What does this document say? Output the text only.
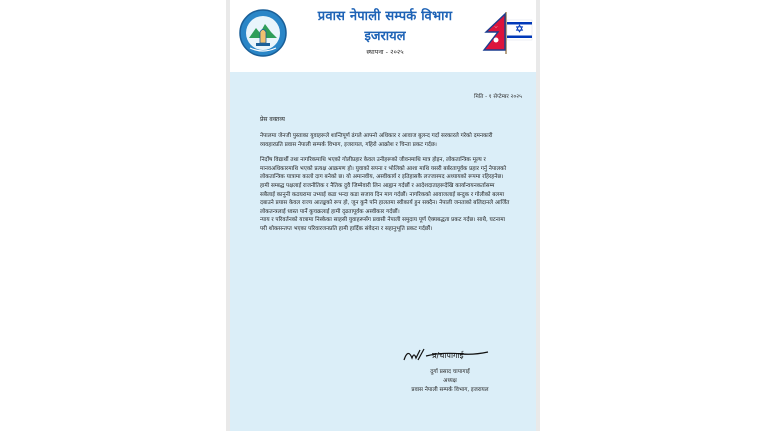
प्रवास नेपाली सम्पर्क विभाग
इजरायल
स्थापना - २०२५
मिति - १ सेप्टेम्बर २०२५
प्रेस वक्तव्य

नेपालमा जेनजी पुस्ताका युवाहरूले शान्तिपूर्ण ढंगले आफ्नो अधिकार र आवाज बुलन्द गर्दा सरकारले गरेको दमनकारी व्यवहारप्रति प्रवास नेपाली सम्पर्क विभाग, इजरायल, गहिरो आक्रोश र चिन्ता प्रकट गर्दछ।

निर्दोष विद्यार्थी तथा नागरिकमाथि भएको गोलीप्रहार केवल उनीहरूको जीवनमाथि मात्र होइन, लोकतान्त्रिक मूल्य र मानवअधिकारमाथि भएको प्रत्यक्ष आक्रमण हो। युवाको सपना र भोलिको आशा माथि यसरी बर्बरतापूर्वक प्रहार गर्नु नेपालको लोकतान्त्रिक यात्रामा कालो दाग बनेको छ। यो अमानवीय, अस्वीकार्य र इतिहासकै लज्जास्पद अध्यायको रूपमा रहिरहनेछ।

हामी सम्बद्ध पक्षलाई राजनीतिक र नैतिक दुवै जिम्मेवारी लिन आह्वान गर्दछौं र आदेशदाताहरूदेखि कार्यान्वयनकर्तासम्म सबैलाई कानुनी कठघरामा उभ्याई कडा भन्दा कडा सजाय दिन माग गर्दछौं। नागरिकको आवाजलाई बन्दुक र गोलीको बलमा दबाउने प्रयास केवल राज्य आतङ्कको रूप हो, जुन कुनै पनि हालतमा स्वीकार्य हुन सक्दैन। नेपाली जनताको बलिदानले आर्जित लोकतन्त्रलाई ध्वस्त पार्ने कुचक्रलाई हामी दृढतापूर्वक अस्वीकार गर्दछौं।

न्याय र परिवर्तनको यात्रामा निस्केका साहसी युवाहरूसँग प्रवासी नेपाली समुदाय पूर्ण ऐक्यबद्धता प्रकट गर्दछ। साथै, घटनामा परी शोकसन्तप्त भएका परिवारजनप्रति हामी हार्दिक संवेदना र सहानुभूति प्रकट गर्दछौं।

प्र/चापागाई
दुर्गा प्रसाद चापागाईं
अध्यक्ष
प्रवास नेपाली सम्पर्क विभाग, इजरायल
